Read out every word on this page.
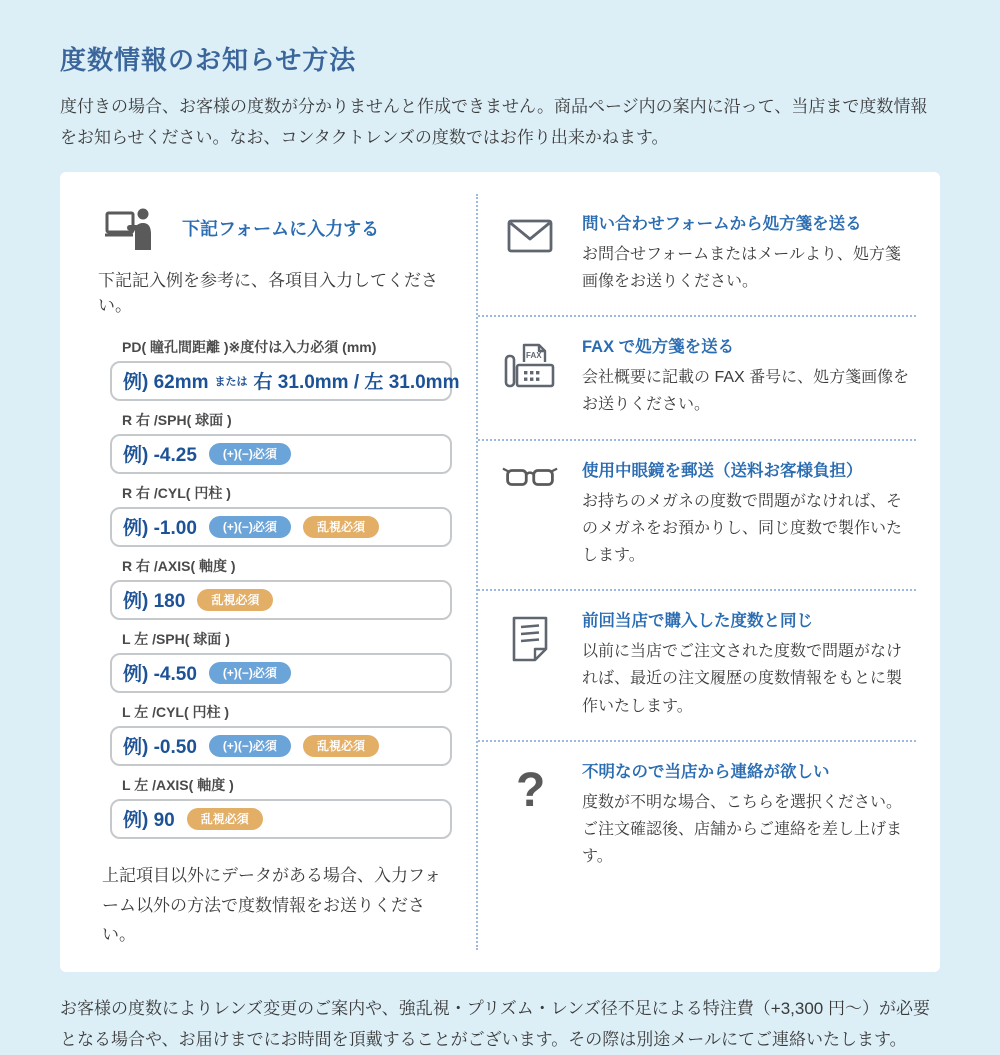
度数情報のお知らせ方法

度付きの場合、お客様の度数が分かりませんと作成できません。商品ページ内の案内に沿って、当店まで度数情報をお知らせください。なお、コンタクトレンズの度数ではお作り出来かねます。

下記フォームに入力する

下記記入例を参考に、各項目入力してください。

PD( 瞳孔間距離 )※度付は入力必須 (mm)
例) 62mm または 右 31.0mm / 左 31.0mm
R 右 /SPH( 球面 )
例) -4.25	(+)(−)必須
R 右 /CYL( 円柱 )
例) -1.00	(+)(−)必須	乱視必須
R 右 /AXIS( 軸度 )
例) 180	乱視必須
L 左 /SPH( 球面 )
例) -4.50	(+)(−)必須
L 左 /CYL( 円柱 )
例) -0.50	(+)(−)必須	乱視必須
L 左 /AXIS( 軸度 )
例) 90	乱視必須

上記項目以外にデータがある場合、入力フォーム以外の方法で度数情報をお送りください。

問い合わせフォームから処方箋を送る

お問合せフォームまたはメールより、処方箋画像をお送りください。

FAX FAX で処方箋を送る

会社概要に記載の FAX 番号に、処方箋画像をお送りください。

使用中眼鏡を郵送（送料お客様負担）

お持ちのメガネの度数で問題がなければ、そのメガネをお預かりし、同じ度数で製作いたします。

前回当店で購入した度数と同じ

以前に当店でご注文された度数で問題がなければ、最近の注文履歴の度数情報をもとに製作いたします。

? 不明なので当店から連絡が欲しい

度数が不明な場合、こちらを選択ください。ご注文確認後、店舗からご連絡を差し上げます。

お客様の度数によりレンズ変更のご案内や、強乱視・プリズム・レンズ径不足による特注費（+3,300 円～）が必要となる場合や、お届けまでにお時間を頂戴することがございます。その際は別途メールにてご連絡いたします。
